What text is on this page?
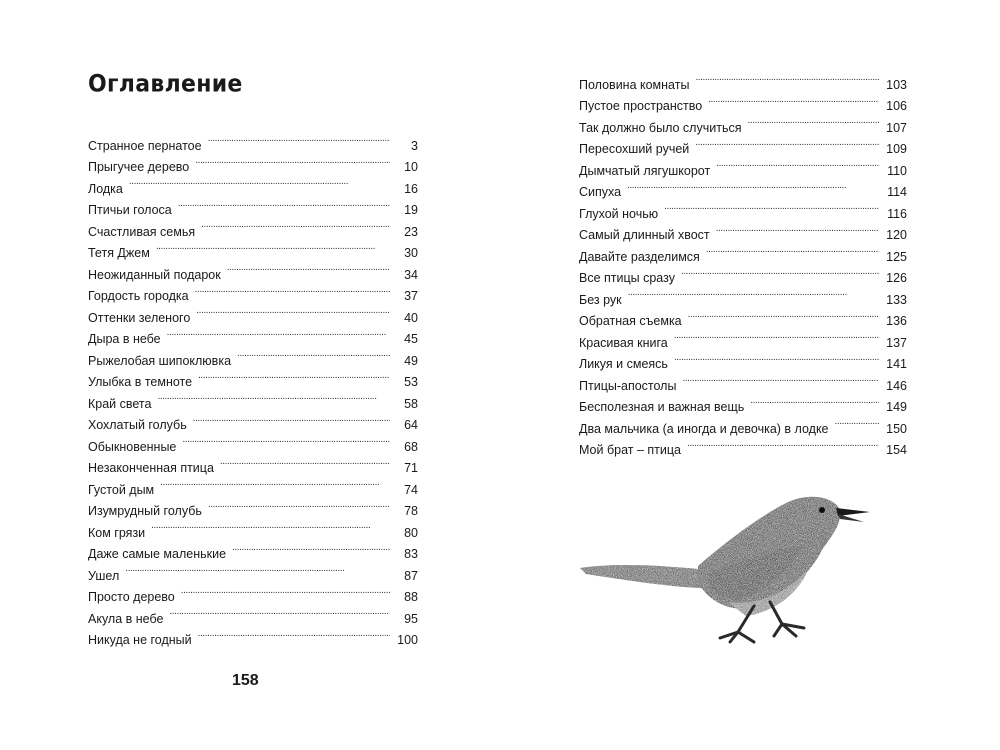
Оглавление
Странное пернатое . . .	3
Прыгучее дерево . . .	10
Лодка . . .	16
Птичьи голоса . . .	19
Счастливая семья . . .	23
Тетя Джем . . .	30
Неожиданный подарок . . .	34
Гордость городка . . .	37
Оттенки зеленого . . .	40
Дыра в небе . . .	45
Рыжелобая шипоклювка . . .	49
Улыбка в темноте . . .	53
Край света . . .	58
Хохлатый голубь . . .	64
Обыкновенные . . .	68
Незаконченная птица . . .	71
Густой дым . . .	74
Изумрудный голубь . . .	78
Ком грязи . . .	80
Даже самые маленькие . . .	83
Ушел . . .	87
Просто дерево . . .	88
Акула в небе . . .	95
Никуда не годный . . .	100
Половина комнаты . . .	103
Пустое пространство . . .	106
Так должно было случиться . . .	107
Пересохший ручей . . .	109
Дымчатый лягушкорот . . .	110
Сипуха . . .	114
Глухой ночью . . .	116
Самый длинный хвост . . .	120
Давайте разделимся . . .	125
Все птицы сразу . . .	126
Без рук . . .	133
Обратная съемка . . .	136
Красивая книга . . .	137
Ликуя и смеясь . . .	141
Птицы-апостолы . . .	146
Бесполезная и важная вещь . . .	149
Два мальчика (а иногда и девочка) в лодке . . .	150
Мой брат – птица . . .	154
158
